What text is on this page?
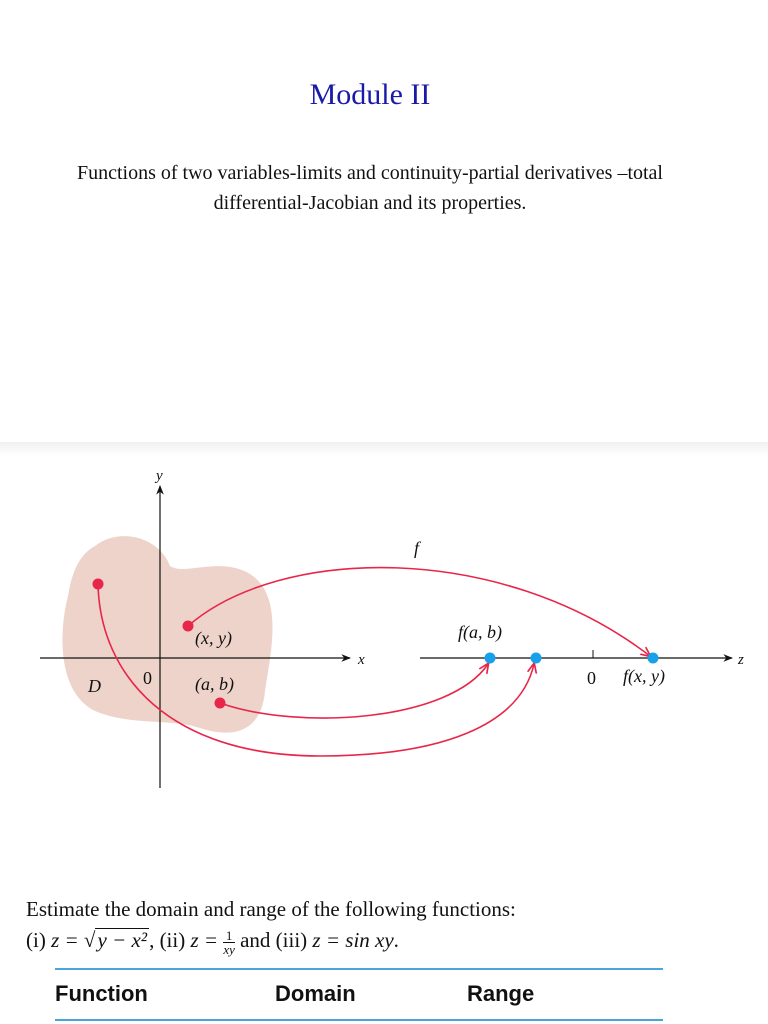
Module II
Functions of two variables-limits and continuity-partial derivatives –total differential-Jacobian and its properties.
y
x	z
D 0	0
f
(x, y)
(a, b)
f(a, b)
f(x, y)
Estimate the domain and range of the following functions:
(i) z = √y − x², (ii) $z = \frac{1}{xy}$ and (iii) z = sin xy.
Function	Domain	Range
